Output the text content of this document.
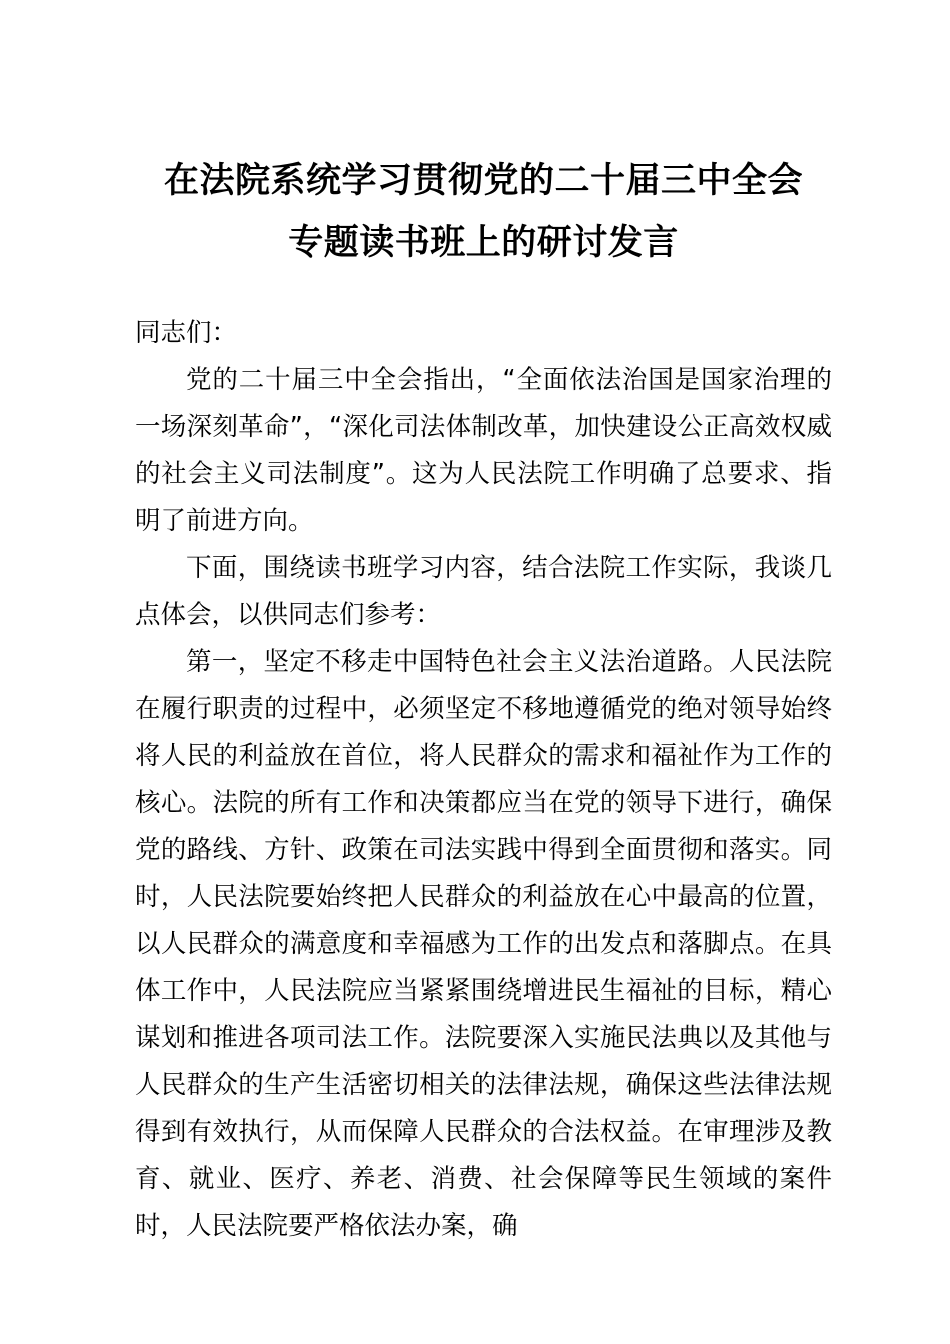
在法院系统学习贯彻党的二十届三中全会
专题读书班上的研讨发言

同志们：

党的二十届三中全会指出，“全面依法治国是国家治理的一场深刻革命”，“深化司法体制改革，加快建设公正高效权威的社会主义司法制度”。这为人民法院工作明确了总要求、指明了前进方向。

下面，围绕读书班学习内容，结合法院工作实际，我谈几点体会，以供同志们参考：

第一，坚定不移走中国特色社会主义法治道路。人民法院在履行职责的过程中，必须坚定不移地遵循党的绝对领导始终将人民的利益放在首位，将人民群众的需求和福祉作为工作的核心。法院的所有工作和决策都应当在党的领导下进行，确保党的路线、方针、政策在司法实践中得到全面贯彻和落实。同时，人民法院要始终把人民群众的利益放在心中最高的位置，以人民群众的满意度和幸福感为工作的出发点和落脚点。在具体工作中，人民法院应当紧紧围绕增进民生福祉的目标，精心谋划和推进各项司法工作。法院要深入实施民法典以及其他与人民群众的生产生活密切相关的法律法规，确保这些法律法规得到有效执行，从而保障人民群众的合法权益。在审理涉及教育、就业、医疗、养老、消费、社会保障等民生领域的案件时，人民法院要严格依法办案，确
